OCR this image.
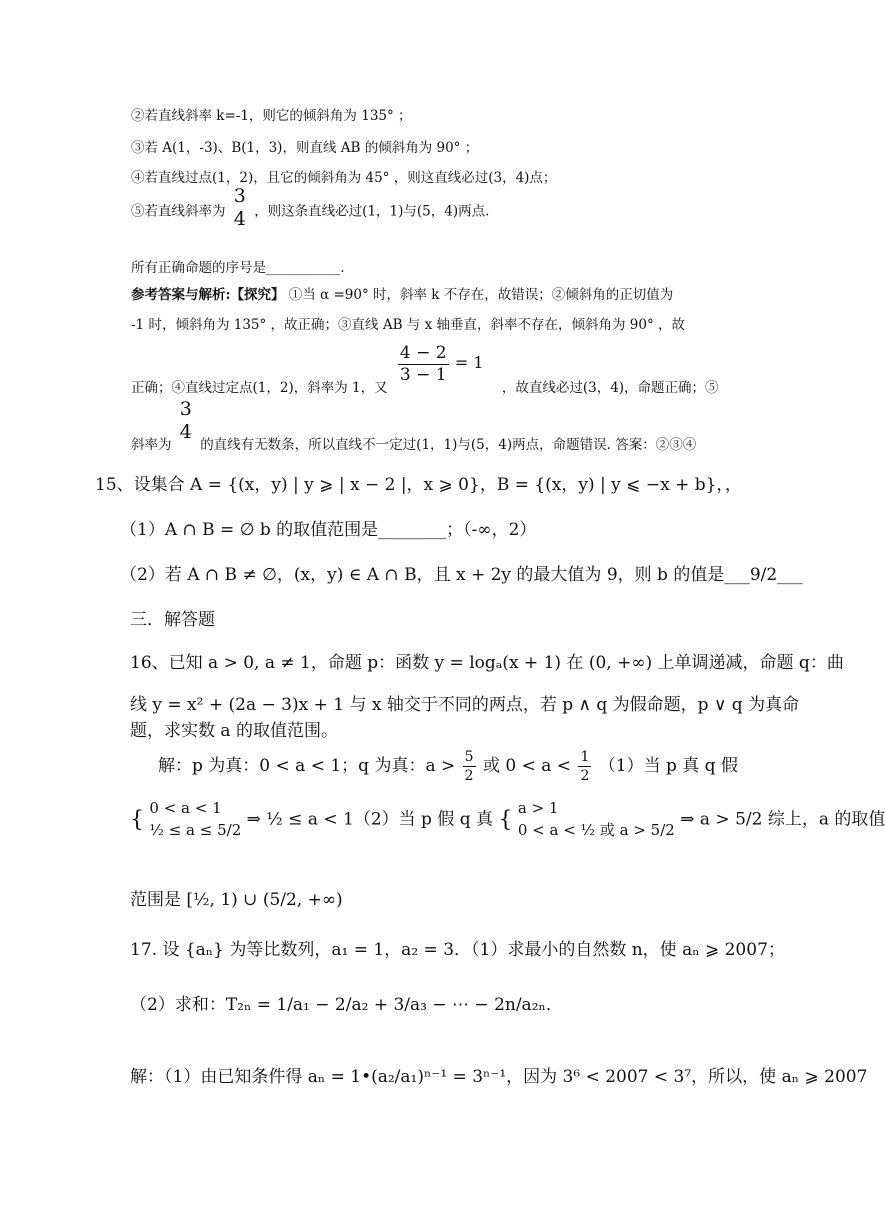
②若直线斜率 k=-1，则它的倾斜角为 135° ；
③若 A(1，-3)、B(1，3)，则直线 AB 的倾斜角为 90° ；
④若直线过点(1，2)，且它的倾斜角为 45° ，则这直线必过(3，4)点；
⑤若直线斜率为
3
4 ，则这条直线必过(1，1)与(5，4)两点.
所有正确命题的序号是___________.
参考答案与解析:【探究】 ①当 α =90° 时，斜率 k 不存在，故错误；②倾斜角的正切值为
-1 时，倾斜角为 135° ，故正确；③直线 AB 与 x 轴垂直，斜率不存在，倾斜角为 90° ，故
正确；④直线过定点(1，2)，斜率为 1，又
$\frac{4 - 2}{3 - 1} = 1$ ，故直线必过(3，4)，命题正确；⑤
斜率为
3
4
的直线有无数条，所以直线不一定过(1，1)与(5，4)两点，命题错误. 答案：②③④
15、设集合 A = {(x，y) | y ⩾ | x − 2 |，x ⩾ 0}，B = {(x，y) | y ⩽ −x + b}，，
（1）A ∩ B = ∅ b 的取值范围是________；（-∞，2）
（2）若 A ∩ B ≠ ∅，(x，y) ∈ A ∩ B，且 x + 2y 的最大值为 9，则 b 的值是___9/2___
三．解答题
16、已知 a > 0, a ≠ 1，命题 p：函数 y = logₐ(x + 1) 在 (0, +∞) 上单调递减，命题 q：曲
线 y = x² + (2a − 3)x + 1 与 x 轴交于不同的两点，若 p ∧ q 为假命题，p ∨ q 为真命
题，求实数 a 的取值范围。
解：p 为真：0 < a < 1；q 为真：$a > \frac{5}{2}$ 或 $0 < a < \frac{1}{2} (1)$当 p 真 q 假
{ 0 < a < 1
½ ≤ a ≤ 5/2
⇒ ½ ≤ a < 1（2）当 p 假 q 真 { a > 1
0 < a < ½ 或 a > 5/2
⇒ a > 5/2 综上，a 的取值
范围是 [½, 1) ∪ (5/2, +∞)
17. 设 {aₙ} 为等比数列，a₁ = 1，a₂ = 3．（1）求最小的自然数 n，使 aₙ ⩾ 2007；
（2）求和：T₂ₙ = 1/a₁ − 2/a₂ + 3/a₃ − ⋯ − 2n/a₂ₙ．
解：（1）由已知条件得 aₙ = 1•(a₂/a₁)ⁿ⁻¹ = 3ⁿ⁻¹，因为 3⁶ < 2007 < 3⁷，所以，使 aₙ ⩾ 2007
